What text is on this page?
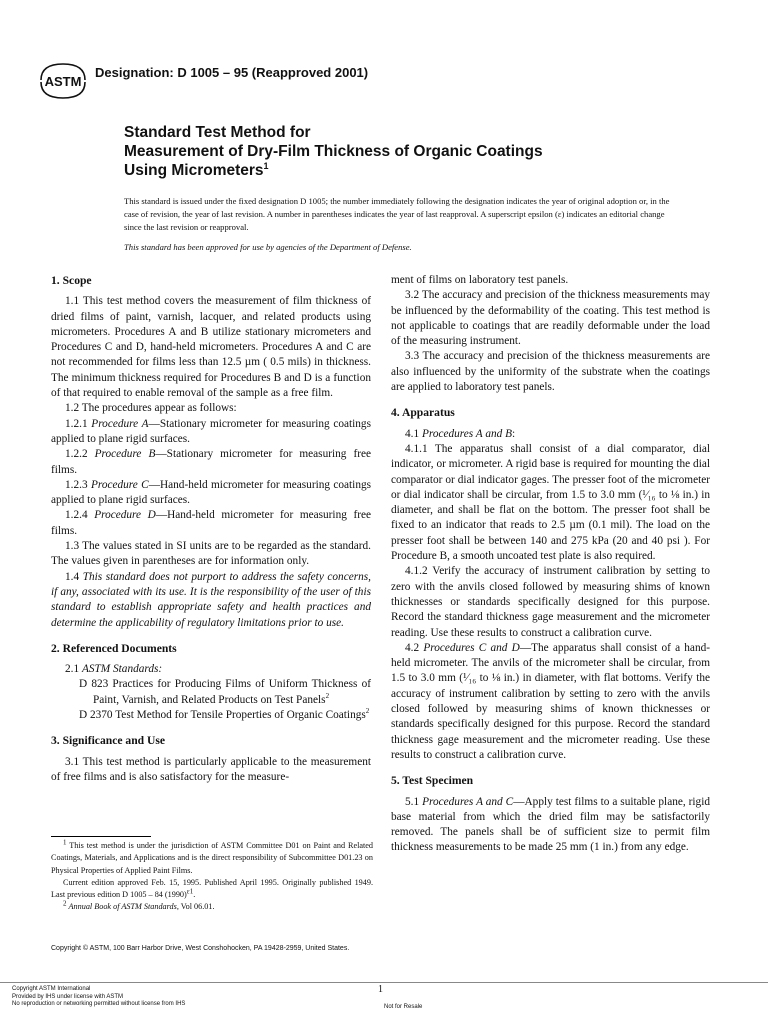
ASTM
Designation: D 1005 – 95 (Reapproved 2001)
Standard Test Method for
Measurement of Dry-Film Thickness of Organic Coatings
Using Micrometers$^1$
This standard is issued under the fixed designation D 1005; the number immediately following the designation indicates the year of original adoption or, in the case of revision, the year of last revision. A number in parentheses indicates the year of last reapproval. A superscript epsilon (ε) indicates an editorial change since the last revision or reapproval.
This standard has been approved for use by agencies of the Department of Defense.
1. Scope

1.1 This test method covers the measurement of film thickness of dried films of paint, varnish, lacquer, and related products using micrometers. Procedures A and B utilize stationary micrometers and Procedures C and D, hand-held micrometers. Procedures A and C are not recommended for films less than 12.5 µm ( 0.5 mils) in thickness. The minimum thickness required for Procedures B and D is a function of that required to enable removal of the sample as a free film.

1.2 The procedures appear as follows:

1.2.1 Procedure A—Stationary micrometer for measuring coatings applied to plane rigid surfaces.

1.2.2 Procedure B—Stationary micrometer for measuring free films.

1.2.3 Procedure C—Hand-held micrometer for measuring coatings applied to plane rigid surfaces.

1.2.4 Procedure D—Hand-held micrometer for measuring free films.

1.3 The values stated in SI units are to be regarded as the standard. The values given in parentheses are for information only.

1.4 This standard does not purport to address the safety concerns, if any, associated with its use. It is the responsibility of the user of this standard to establish appropriate safety and health practices and determine the applicability of regulatory limitations prior to use.

2. Referenced Documents

2.1 ASTM Standards:

D 823 Practices for Producing Films of Uniform Thickness of Paint, Varnish, and Related Products on Test Panels$^2$

D 2370 Test Method for Tensile Properties of Organic Coatings$^2$

3. Significance and Use

3.1 This test method is particularly applicable to the measurement of free films and is also satisfactory for the measure-

ment of films on laboratory test panels.

3.2 The accuracy and precision of the thickness measurements may be influenced by the deformability of the coating. This test method is not applicable to coatings that are readily deformable under the load of the measuring instrument.

3.3 The accuracy and precision of the thickness measurements are also influenced by the uniformity of the substrate when the coatings are applied to laboratory test panels.

4. Apparatus

4.1 Procedures A and B:

4.1.1 The apparatus shall consist of a dial comparator, dial indicator, or micrometer. A rigid base is required for mounting the dial comparator or dial indicator gages. The presser foot of the micrometer or dial indicator shall be circular, from 1.5 to 3.0 mm (¹⁄₁₆ to ⅛ in.) in diameter, and shall be flat on the bottom. The presser foot shall be fixed to an indicator that reads to 2.5 µm (0.1 mil). The load on the presser foot shall be between 140 and 275 kPa (20 and 40 psi ). For Procedure B, a smooth uncoated test plate is also required.

4.1.2 Verify the accuracy of instrument calibration by setting to zero with the anvils closed followed by measuring shims of known thicknesses or standards specifically designed for this purpose. Record the standard thickness gage measurement and the micrometer reading. Use these results to construct a calibration curve.

4.2 Procedures C and D—The apparatus shall consist of a hand-held micrometer. The anvils of the micrometer shall be circular, from 1.5 to 3.0 mm (¹⁄₁₆ to ⅛ in.) in diameter, with flat bottoms. Verify the accuracy of instrument calibration by setting to zero with the anvils closed followed by measuring shims of known thicknesses or standards specifically designed for this purpose. Record the standard thickness gage measurement and the micrometer reading. Use these results to construct a calibration curve.

5. Test Specimen

5.1 Procedures A and C—Apply test films to a suitable plane, rigid base material from which the dried film may be satisfactorily removed. The panels shall be of sufficient size to permit film thickness measurements to be made 25 mm (1 in.) from any edge.

$^1$ This test method is under the jurisdiction of ASTM Committee D01 on Paint and Related Coatings, Materials, and Applications and is the direct responsibility of Subcommittee D01.23 on Physical Properties of Applied Paint Films.

Current edition approved Feb. 15, 1995. Published April 1995. Originally published 1949. Last previous edition D 1005 – 84 $(1990)^{\varepsilon 1}$.

$^2$ Annual Book of ASTM Standards, Vol 06.01.

Copyright © ASTM, 100 Barr Harbor Drive, West Conshohocken, PA 19428-2959, United States.
Copyright ASTM International
Provided by IHS under license with ASTM
No reproduction or networking permitted without license from IHS
1
Not for Resale
